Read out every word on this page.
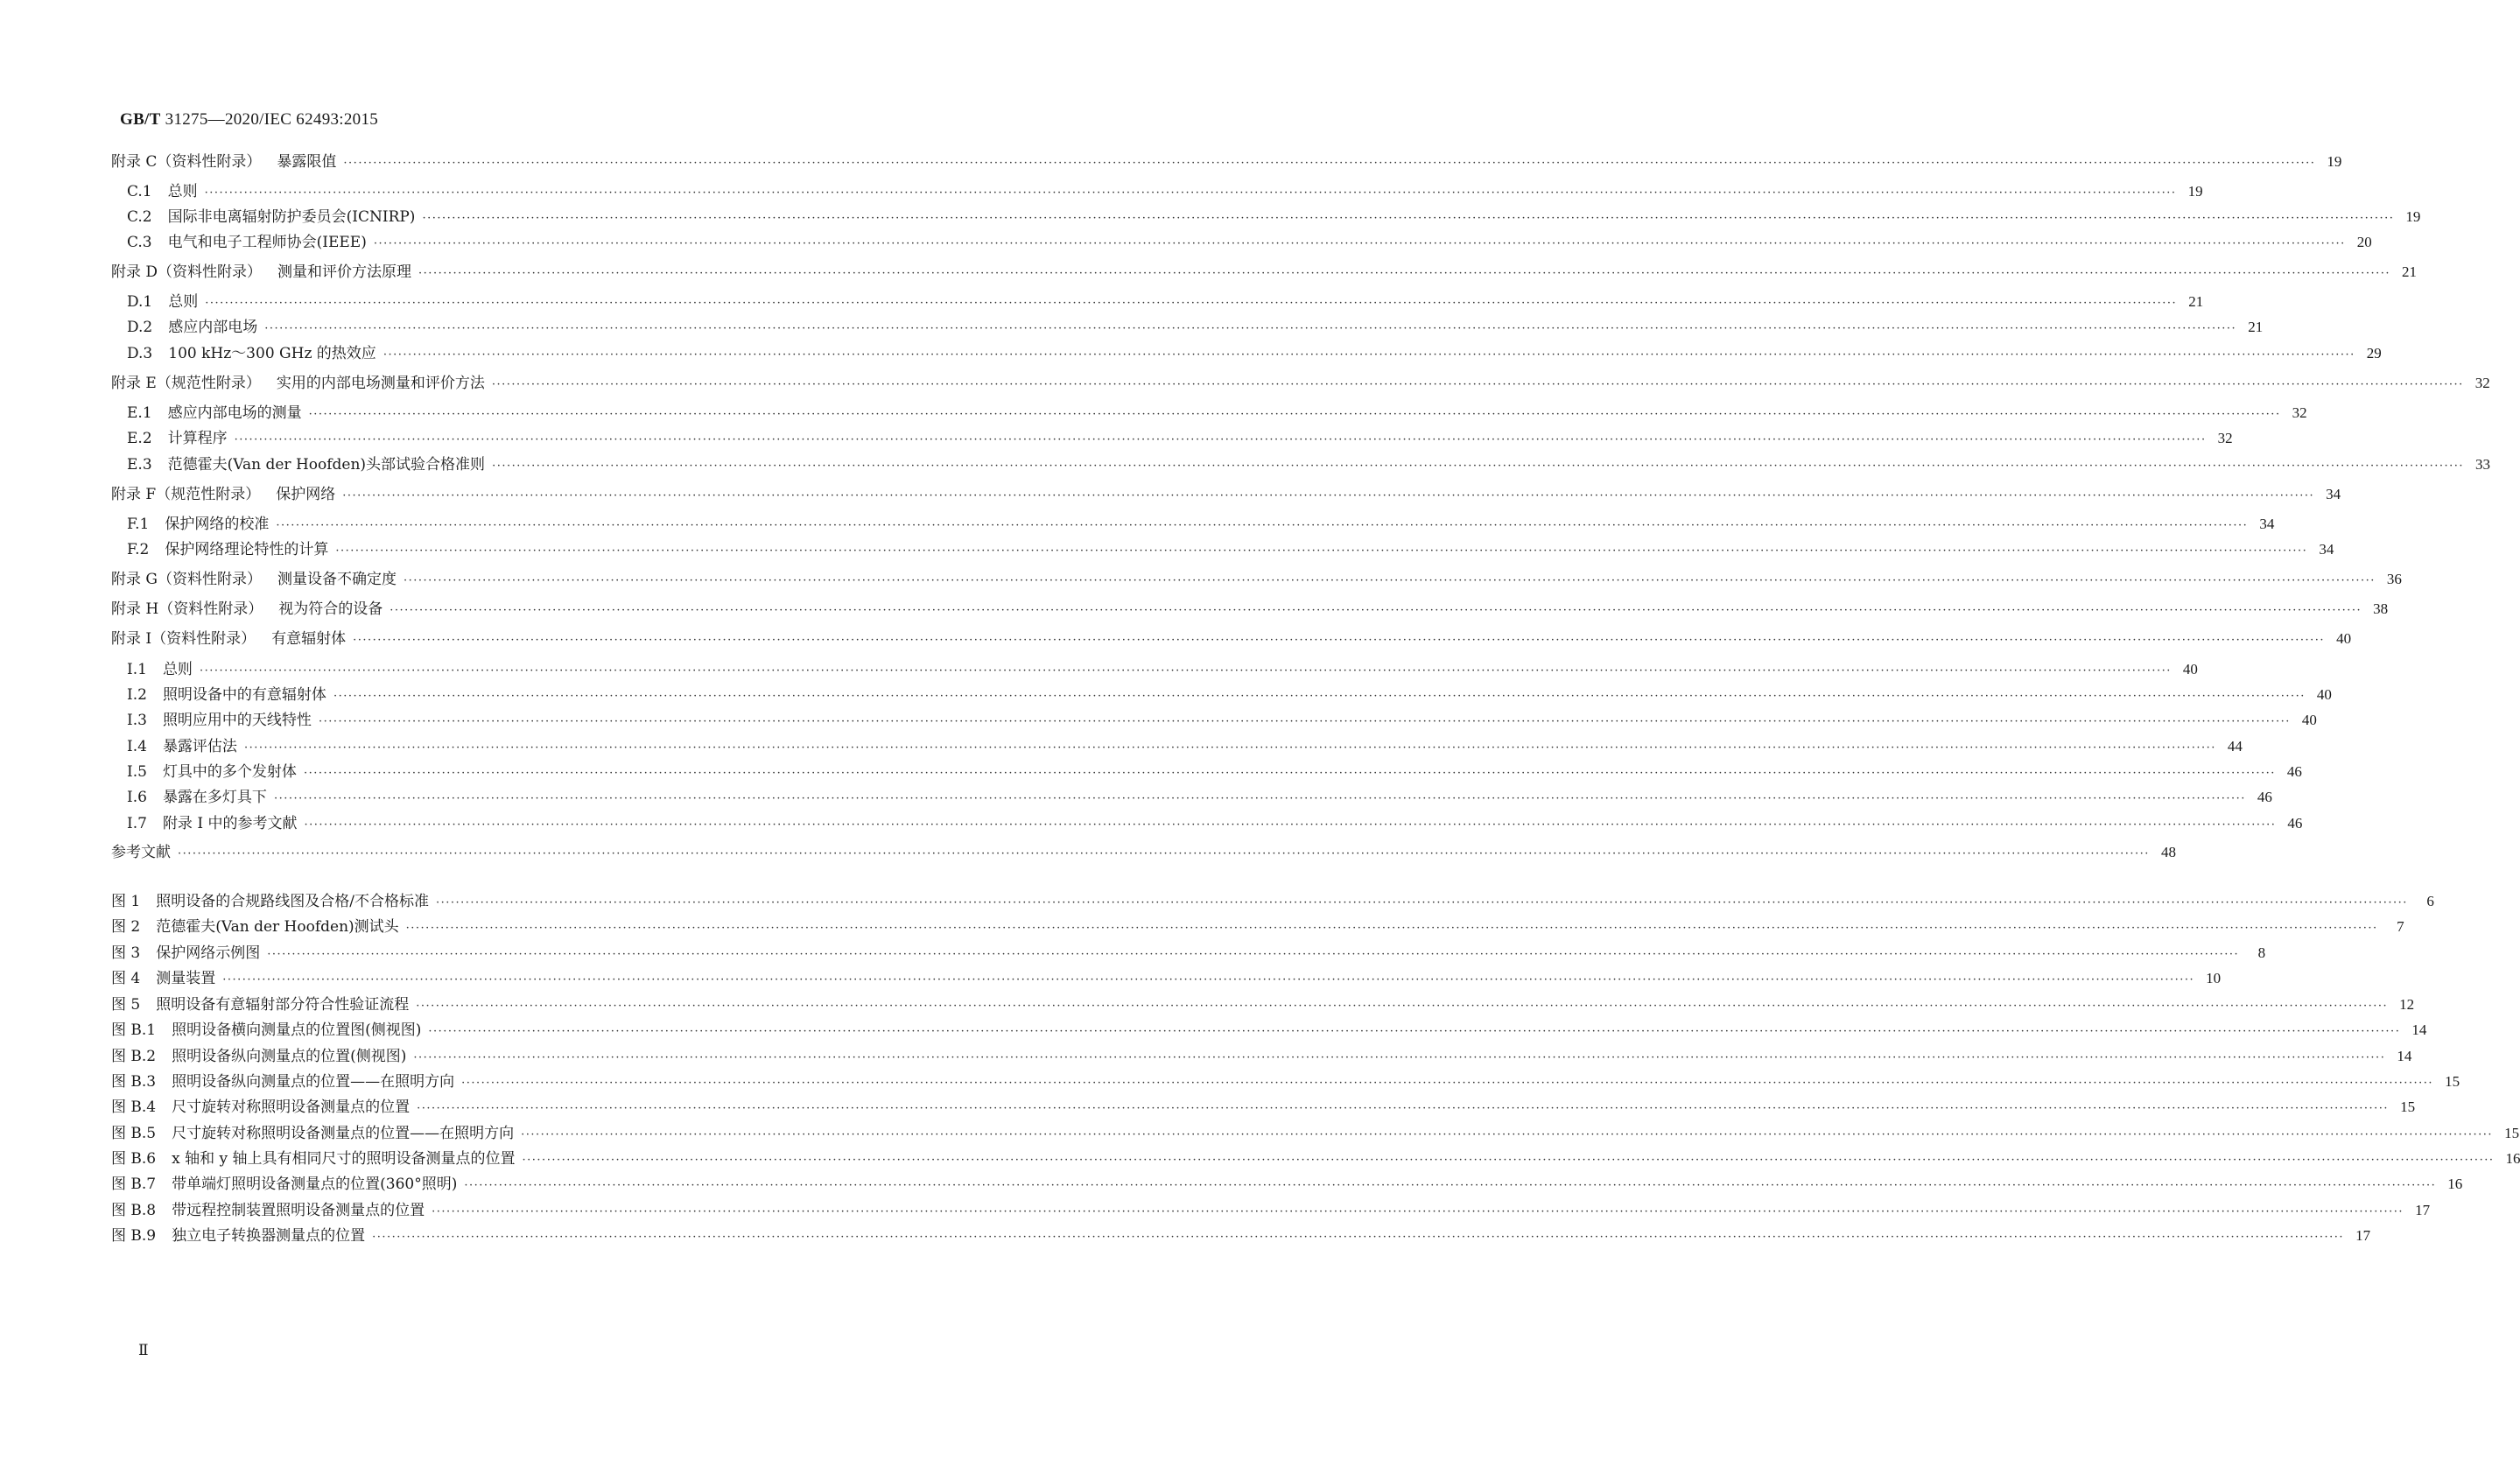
GB/T 31275—2020/IEC 62493:2015
附录 C（资料性附录） 暴露限值 ················································································································································································································································································································································································································ 19
C.1 总则 ················································································································································································································································································································································································································ 19
C.2 国际非电离辐射防护委员会(ICNIRP) ················································································································································································································································································································································································································ 19
C.3 电气和电子工程师协会(IEEE) ················································································································································································································································································································································································································ 20
附录 D（资料性附录） 测量和评价方法原理 ················································································································································································································································································································································································································ 21
D.1 总则 ················································································································································································································································································································································································································ 21
D.2 感应内部电场 ················································································································································································································································································································································································································ 21
D.3 100 kHz～300 GHz 的热效应 ················································································································································································································································································································································································································ 29
附录 E（规范性附录） 实用的内部电场测量和评价方法 ················································································································································································································································································································································································································ 32
E.1 感应内部电场的测量 ················································································································································································································································································································································································································ 32
E.2 计算程序 ················································································································································································································································································································································································································ 32
E.3 范德霍夫(Van der Hoofden)头部试验合格准则 ················································································································································································································································································································································································································ 33
附录 F（规范性附录） 保护网络 ················································································································································································································································································································································································································ 34
F.1 保护网络的校准 ················································································································································································································································································································································································································ 34
F.2 保护网络理论特性的计算 ················································································································································································································································································································································································································ 34
附录 G（资料性附录） 测量设备不确定度 ················································································································································································································································································································································································································ 36
附录 H（资料性附录） 视为符合的设备 ················································································································································································································································································································································································································ 38
附录 I（资料性附录） 有意辐射体 ················································································································································································································································································································································································································ 40
I.1 总则 ················································································································································································································································································································································································································ 40
I.2 照明设备中的有意辐射体 ················································································································································································································································································································································································································ 40
I.3 照明应用中的天线特性 ················································································································································································································································································································································································································ 40
I.4 暴露评估法 ················································································································································································································································································································································································································ 44
I.5 灯具中的多个发射体 ················································································································································································································································································································································································································ 46
I.6 暴露在多灯具下 ················································································································································································································································································································································································································ 46
I.7 附录 I 中的参考文献 ················································································································································································································································································································································································································ 46
参考文献 ················································································································································································································································································································································································································ 48
图 1 照明设备的合规路线图及合格/不合格标准 ················································································································································································································································································································································································································	6
图 2 范德霍夫(Van der Hoofden)测试头 ················································································································································································································································································································································································································	7
图 3 保护网络示例图 ················································································································································································································································································································································································································	8
图 4 测量装置 ················································································································································································································································································································································································································ 10
图 5 照明设备有意辐射部分符合性验证流程 ················································································································································································································································································································································································································ 12
图 B.1 照明设备横向测量点的位置图(侧视图) ················································································································································································································································································································································································································ 14
图 B.2 照明设备纵向测量点的位置(侧视图) ················································································································································································································································································································································································································ 14
图 B.3 照明设备纵向测量点的位置——在照明方向 ················································································································································································································································································································································································································ 15
图 B.4 尺寸旋转对称照明设备测量点的位置 ················································································································································································································································································································································································································ 15
图 B.5 尺寸旋转对称照明设备测量点的位置——在照明方向 ················································································································································································································································································································································································································ 15
图 B.6 x 轴和 y 轴上具有相同尺寸的照明设备测量点的位置 ················································································································································································································································································································································································································ 16
图 B.7 带单端灯照明设备测量点的位置(360°照明) ················································································································································································································································································································································································································ 16
图 B.8 带远程控制装置照明设备测量点的位置 ················································································································································································································································································································································································································ 17
图 B.9 独立电子转换器测量点的位置 ················································································································································································································································································································································································································ 17
Ⅱ
